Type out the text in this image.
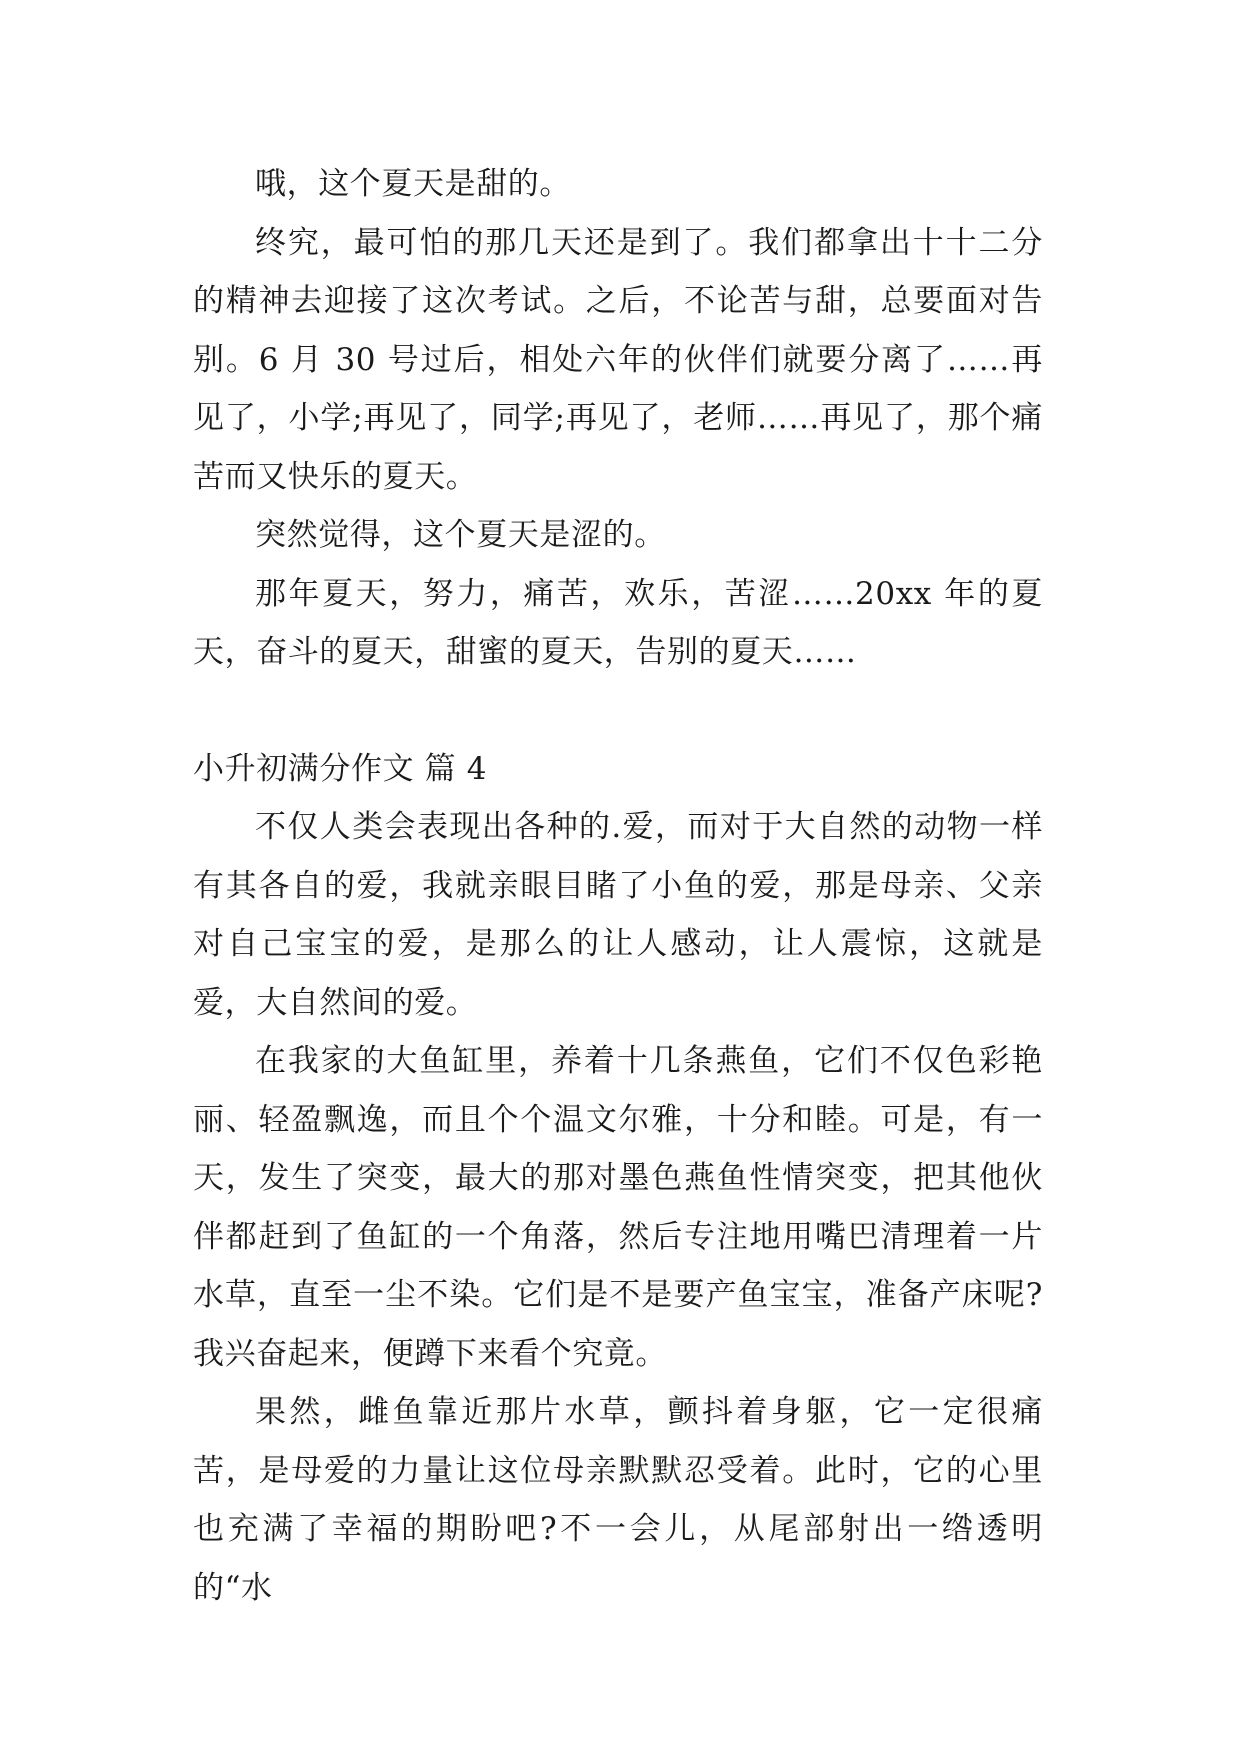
哦，这个夏天是甜的。

终究，最可怕的那几天还是到了。我们都拿出十十二分的精神去迎接了这次考试。之后，不论苦与甜，总要面对告别。6 月 30 号过后，相处六年的伙伴们就要分离了……再见了，小学;再见了，同学;再见了，老师……再见了，那个痛苦而又快乐的夏天。

突然觉得，这个夏天是涩的。

那年夏天，努力，痛苦，欢乐，苦涩……20xx 年的夏天，奋斗的夏天，甜蜜的夏天，告别的夏天……

小升初满分作文 篇 4

不仅人类会表现出各种的.爱，而对于大自然的动物一样有其各自的爱，我就亲眼目睹了小鱼的爱，那是母亲、父亲对自己宝宝的爱，是那么的让人感动，让人震惊，这就是爱，大自然间的爱。

在我家的大鱼缸里，养着十几条燕鱼，它们不仅色彩艳丽、轻盈飘逸，而且个个温文尔雅，十分和睦。可是，有一天，发生了突变，最大的那对墨色燕鱼性情突变，把其他伙伴都赶到了鱼缸的一个角落，然后专注地用嘴巴清理着一片水草，直至一尘不染。它们是不是要产鱼宝宝，准备产床呢?我兴奋起来，便蹲下来看个究竟。

果然，雌鱼靠近那片水草，颤抖着身躯，它一定很痛苦，是母爱的力量让这位母亲默默忍受着。此时，它的心里也充满了幸福的期盼吧?不一会儿，从尾部射出一绺透明的“水
